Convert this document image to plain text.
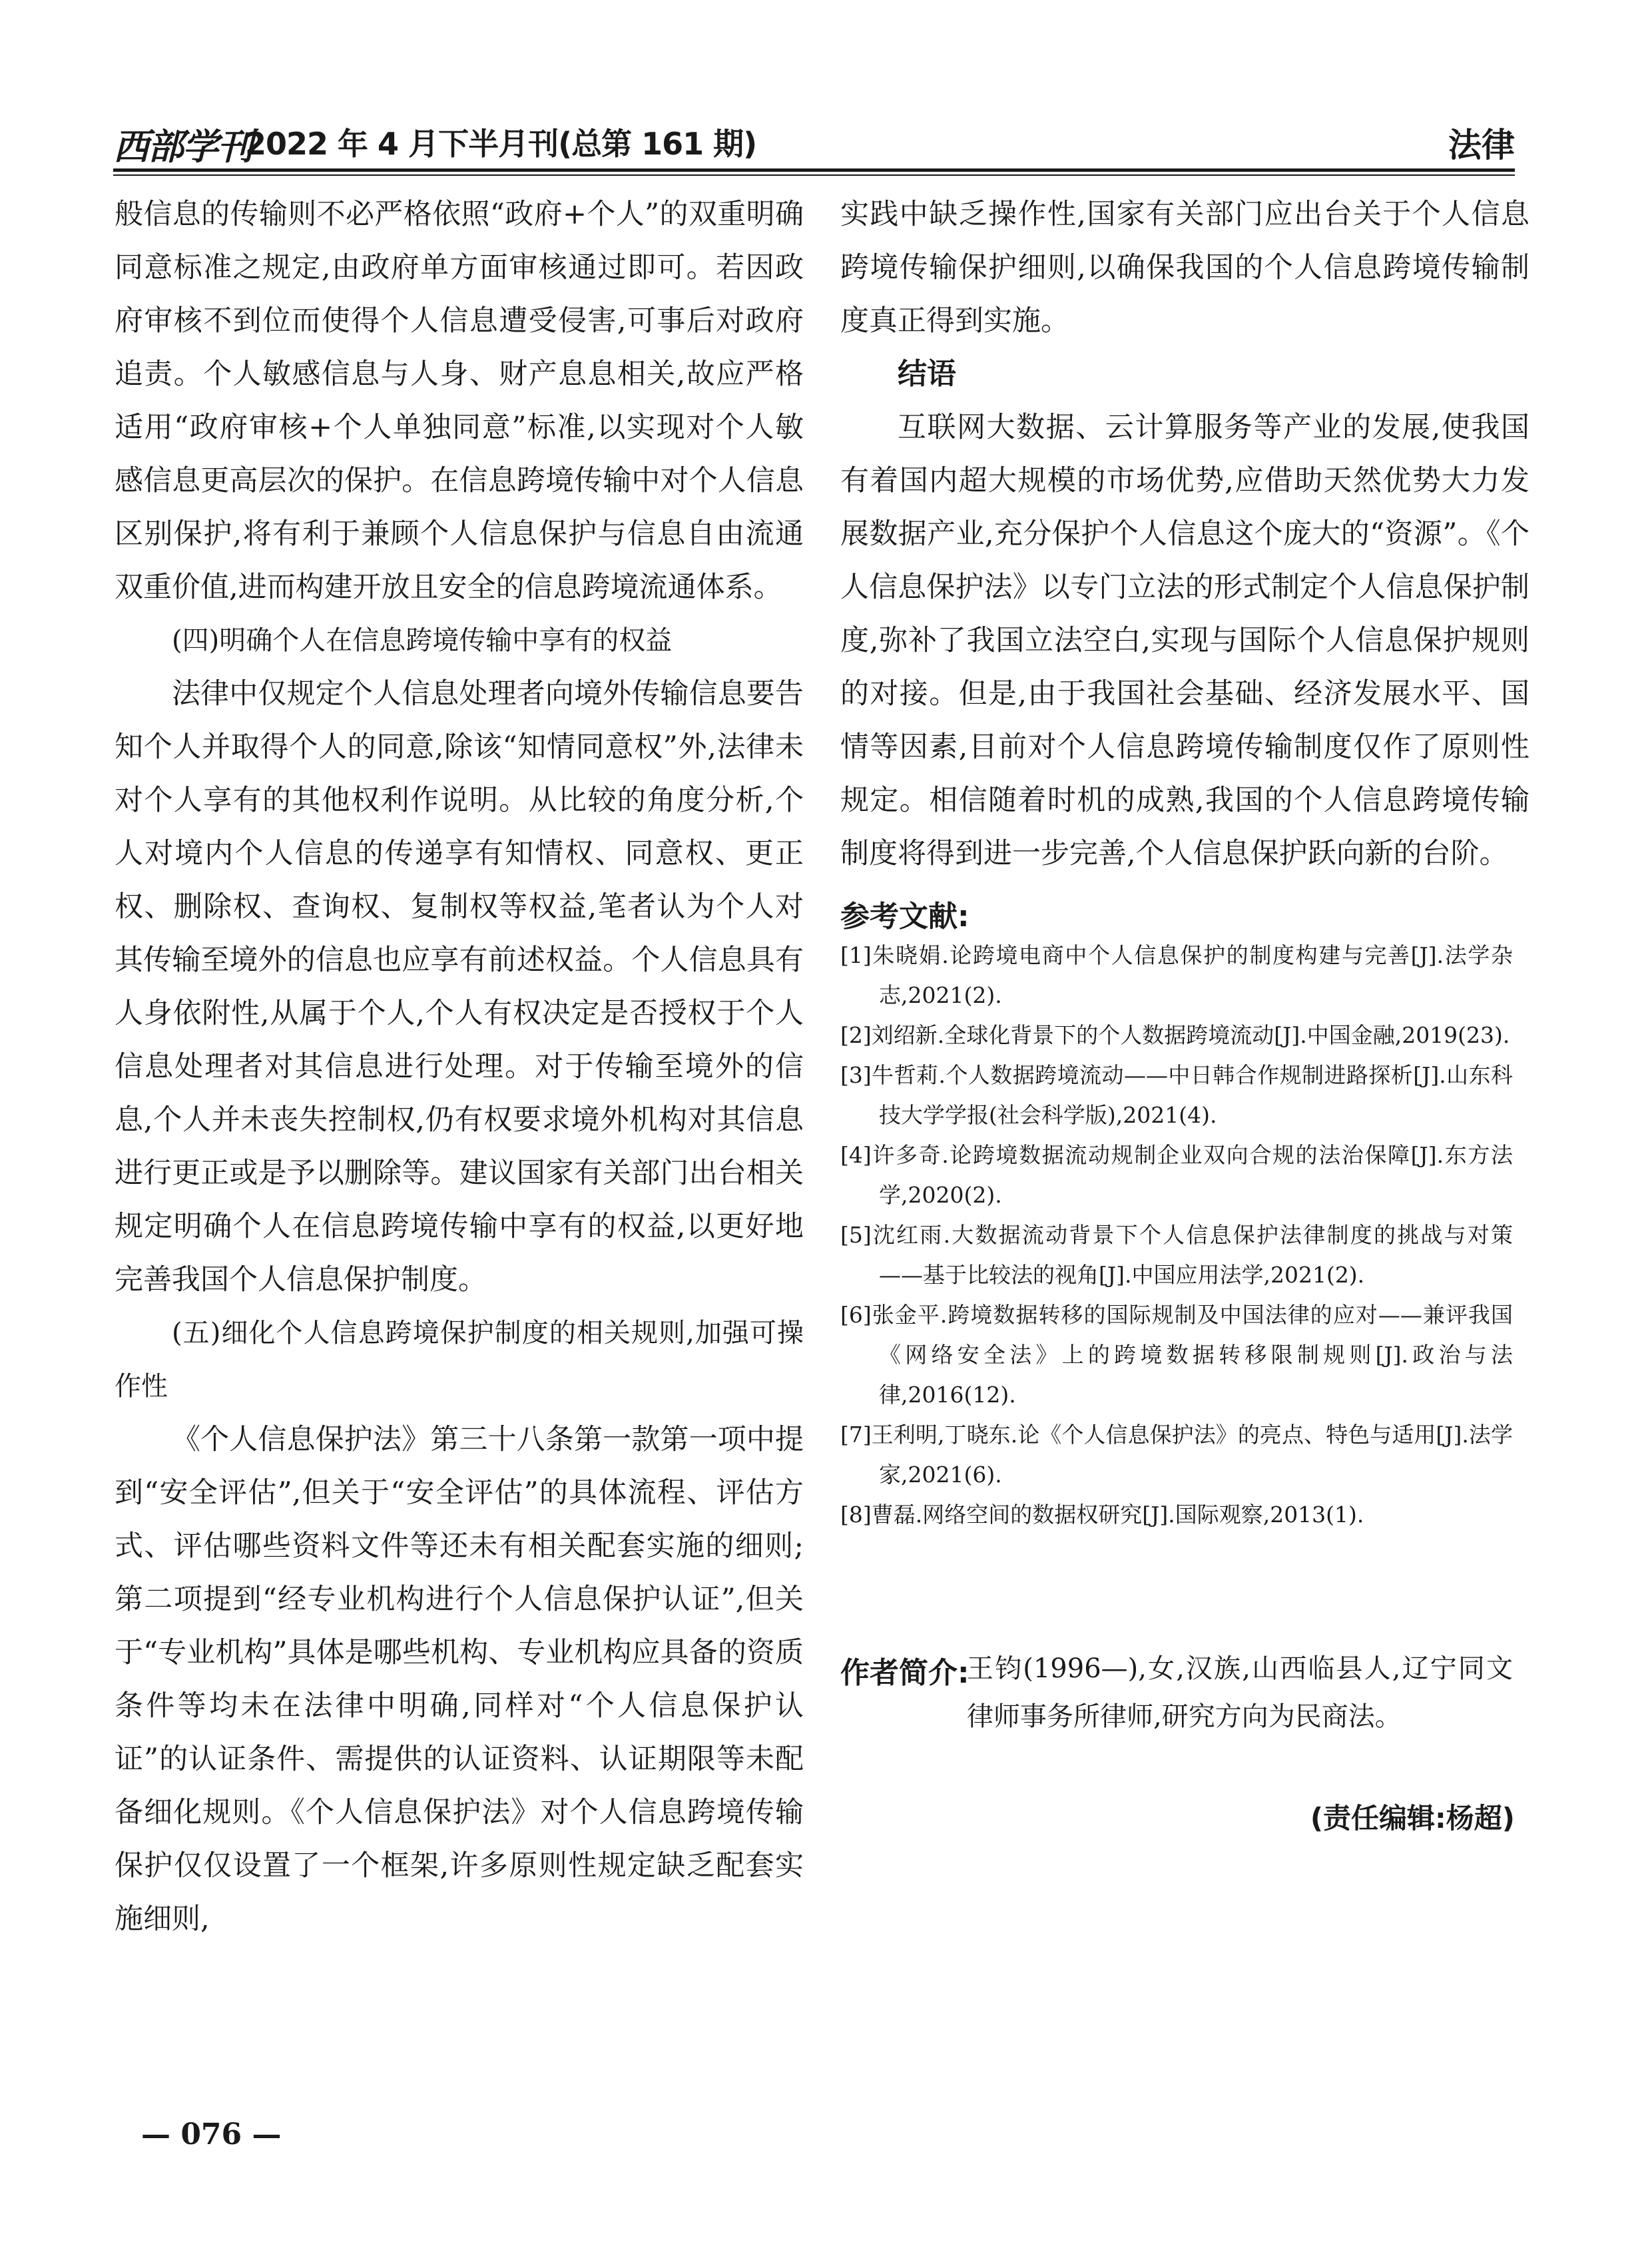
西部学刊
2022 年 4 月下半月刊(总第 161 期)	法律

般信息的传输则不必严格依照“政府+个人”的双重明确同意标准之规定,由政府单方面审核通过即可。若因政府审核不到位而使得个人信息遭受侵害,可事后对政府追责。个人敏感信息与人身、财产息息相关,故应严格适用“政府审核+个人单独同意”标准,以实现对个人敏感信息更高层次的保护。在信息跨境传输中对个人信息区别保护,将有利于兼顾个人信息保护与信息自由流通双重价值,进而构建开放且安全的信息跨境流通体系。

(四)明确个人在信息跨境传输中享有的权益

法律中仅规定个人信息处理者向境外传输信息要告知个人并取得个人的同意,除该“知情同意权”外,法律未对个人享有的其他权利作说明。从比较的角度分析,个人对境内个人信息的传递享有知情权、同意权、更正权、删除权、查询权、复制权等权益,笔者认为个人对其传输至境外的信息也应享有前述权益。个人信息具有人身依附性,从属于个人,个人有权决定是否授权于个人信息处理者对其信息进行处理。对于传输至境外的信息,个人并未丧失控制权,仍有权要求境外机构对其信息进行更正或是予以删除等。建议国家有关部门出台相关规定明确个人在信息跨境传输中享有的权益,以更好地完善我国个人信息保护制度。

(五)细化个人信息跨境保护制度的相关规则,加强可操作性

《个人信息保护法》第三十八条第一款第一项中提到“安全评估”,但关于“安全评估”的具体流程、评估方式、评估哪些资料文件等还未有相关配套实施的细则;第二项提到“经专业机构进行个人信息保护认证”,但关于“专业机构”具体是哪些机构、专业机构应具备的资质条件等均未在法律中明确,同样对“个人信息保护认证”的认证条件、需提供的认证资料、认证期限等未配备细化规则。《个人信息保护法》对个人信息跨境传输保护仅仅设置了一个框架,许多原则性规定缺乏配套实施细则,

实践中缺乏操作性,国家有关部门应出台关于个人信息跨境传输保护细则,以确保我国的个人信息跨境传输制度真正得到实施。

结语

互联网大数据、云计算服务等产业的发展,使我国有着国内超大规模的市场优势,应借助天然优势大力发展数据产业,充分保护个人信息这个庞大的“资源”。《个人信息保护法》以专门立法的形式制定个人信息保护制度,弥补了我国立法空白,实现与国际个人信息保护规则的对接。但是,由于我国社会基础、经济发展水平、国情等因素,目前对个人信息跨境传输制度仅作了原则性规定。相信随着时机的成熟,我国的个人信息跨境传输制度将得到进一步完善,个人信息保护跃向新的台阶。

参考文献:
[1]朱晓娟.论跨境电商中个人信息保护的制度构建与完善[J].法学杂志,2021(2).
[2]刘绍新.全球化背景下的个人数据跨境流动[J].中国金融,2019(23).
[3]牛哲莉.个人数据跨境流动——中日韩合作规制进路探析[J].山东科技大学学报(社会科学版),2021(4).
[4]许多奇.论跨境数据流动规制企业双向合规的法治保障[J].东方法学,2020(2).
[5]沈红雨.大数据流动背景下个人信息保护法律制度的挑战与对策——基于比较法的视角[J].中国应用法学,2021(2).
[6]张金平.跨境数据转移的国际规制及中国法律的应对——兼评我国《网络安全法》上的跨境数据转移限制规则[J].政治与法律,2016(12).
[7]王利明,丁晓东.论《个人信息保护法》的亮点、特色与适用[J].法学家,2021(6).
[8]曹磊.网络空间的数据权研究[J].国际观察,2013(1).
作者简介:
王钧(1996—),女,汉族,山西临县人,辽宁同文律师事务所律师,研究方向为民商法。
(责任编辑:杨超)
— 076 —
